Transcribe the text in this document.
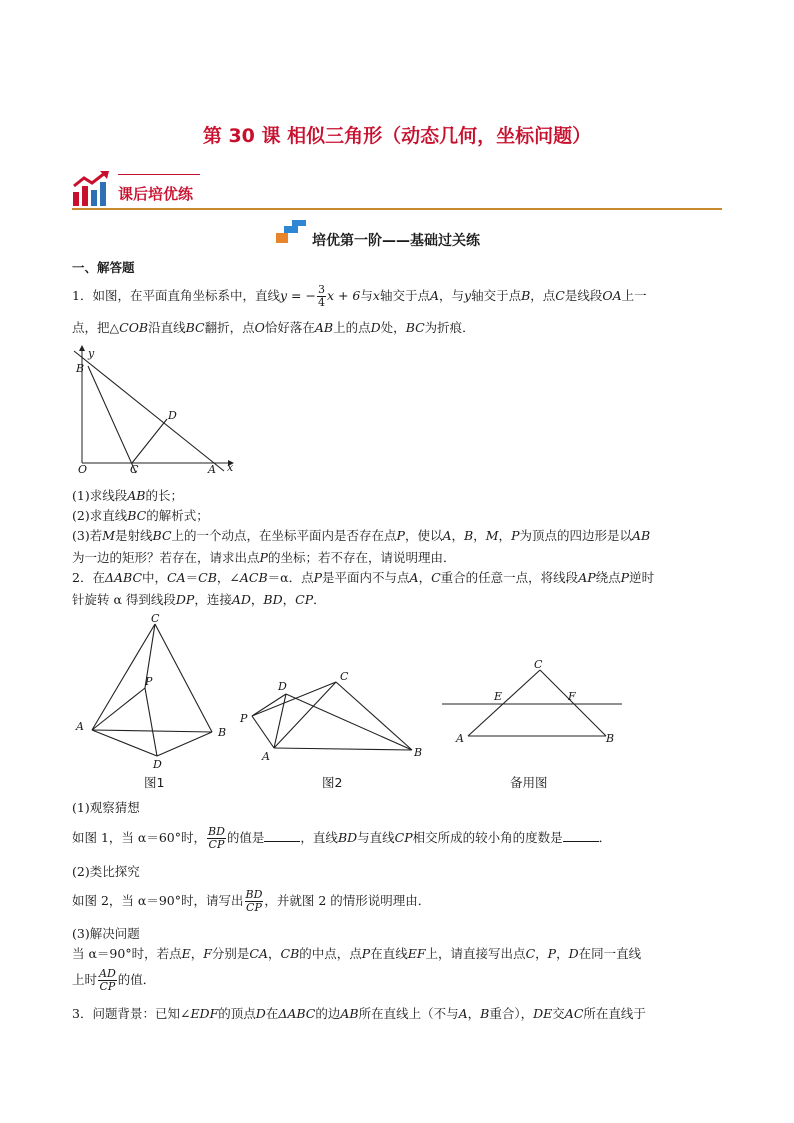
第 30 课 相似三角形（动态几何，坐标问题）
课后培优练
培优第一阶——基础过关练
一、解答题
1．如图，在平面直角坐标系中，直线y = − $\frac{3}{4}$ x + 6与x轴交于点A，与y轴交于点B，点C是线段OA上一
点，把△COB沿直线BC翻折，点O恰好落在AB上的点D处，BC为折痕．
y
B
D
O	C	A x
(1)求线段AB的长；
(2)求直线BC的解析式；
(3)若M是射线BC上的一个动点，在坐标平面内是否存在点P，使以A，B，M，P为顶点的四边形是以AB
为一边的矩形？若存在，请求出点P的坐标；若不存在，请说明理由．
2．在ΔABC中，CA＝CB，∠ACB＝α．点P是平面内不与点A，C重合的任意一点，将线段AP绕点P逆时
针旋转 α 得到线段DP，连接AD，BD，CP．
C
P
A	B
D
图1
D
C
P
A	B
图2
C
E	F
A	B
备用图
(1)观察猜想
如图 1，当 α＝60°时， $\frac{BD}{CP}$ 的值是	，直线BD与直线CP相交所成的较小角的度数是	．
(2)类比探究
如图 2，当 α＝90°时，请写出 $\frac{BD}{CP}$ ，并就图 2 的情形说明理由．
(3)解决问题
当 α＝90°时，若点E，F分别是CA，CB的中点，点P在直线EF上，请直接写出点C，P，D在同一直线
上时 $\frac{AD}{CP}$ 的值．
3．问题背景：已知∠EDF的顶点D在ΔABC的边AB所在直线上（不与A，B重合），DE交AC所在直线于
